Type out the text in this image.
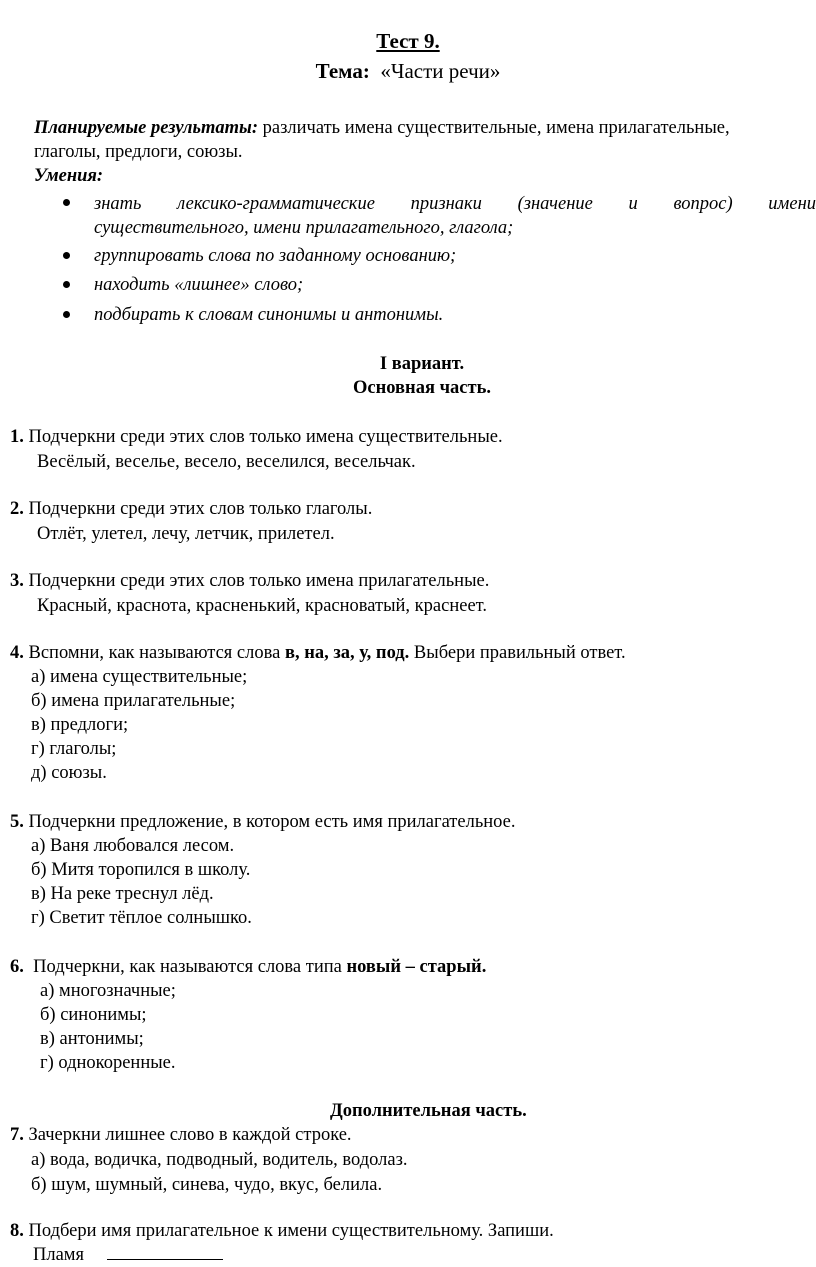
Тест 9.
Тема: «Части речи»
Планируемые результаты: различать имена существительные, имена прилагательные,
глаголы, предлоги, союзы.
Умения:
знать лексико-грамматические признаки (значение и вопрос) имени
существительного, имени прилагательного, глагола;
группировать слова по заданному основанию;
находить «лишнее» слово;
подбирать к словам синонимы и антонимы.
I вариант.
Основная часть.
1. Подчеркни среди этих слов только имена существительные.
Весёлый, веселье, весело, веселился, весельчак.
2. Подчеркни среди этих слов только глаголы.
Отлёт, улетел, лечу, летчик, прилетел.
3. Подчеркни среди этих слов только имена прилагательные.
Красный, краснота, красненький, красноватый, краснеет.
4. Вспомни, как называются слова в, на, за, у, под. Выбери правильный ответ.
а) имена существительные;
б) имена прилагательные;
в) предлоги;
г) глаголы;
д) союзы.
5. Подчеркни предложение, в котором есть имя прилагательное.
а) Ваня любовался лесом.
б) Митя торопился в школу.
в) На реке треснул лёд.
г) Светит тёплое солнышко.
6. Подчеркни, как называются слова типа новый – старый.
а) многозначные;
б) синонимы;
в) антонимы;
г) однокоренные.
Дополнительная часть.
7. Зачеркни лишнее слово в каждой строке.
а) вода, водичка, подводный, водитель, водолаз.
б) шум, шумный, синева, чудо, вкус, белила.
8. Подбери имя прилагательное к имени существительному. Запиши.
Пламя
